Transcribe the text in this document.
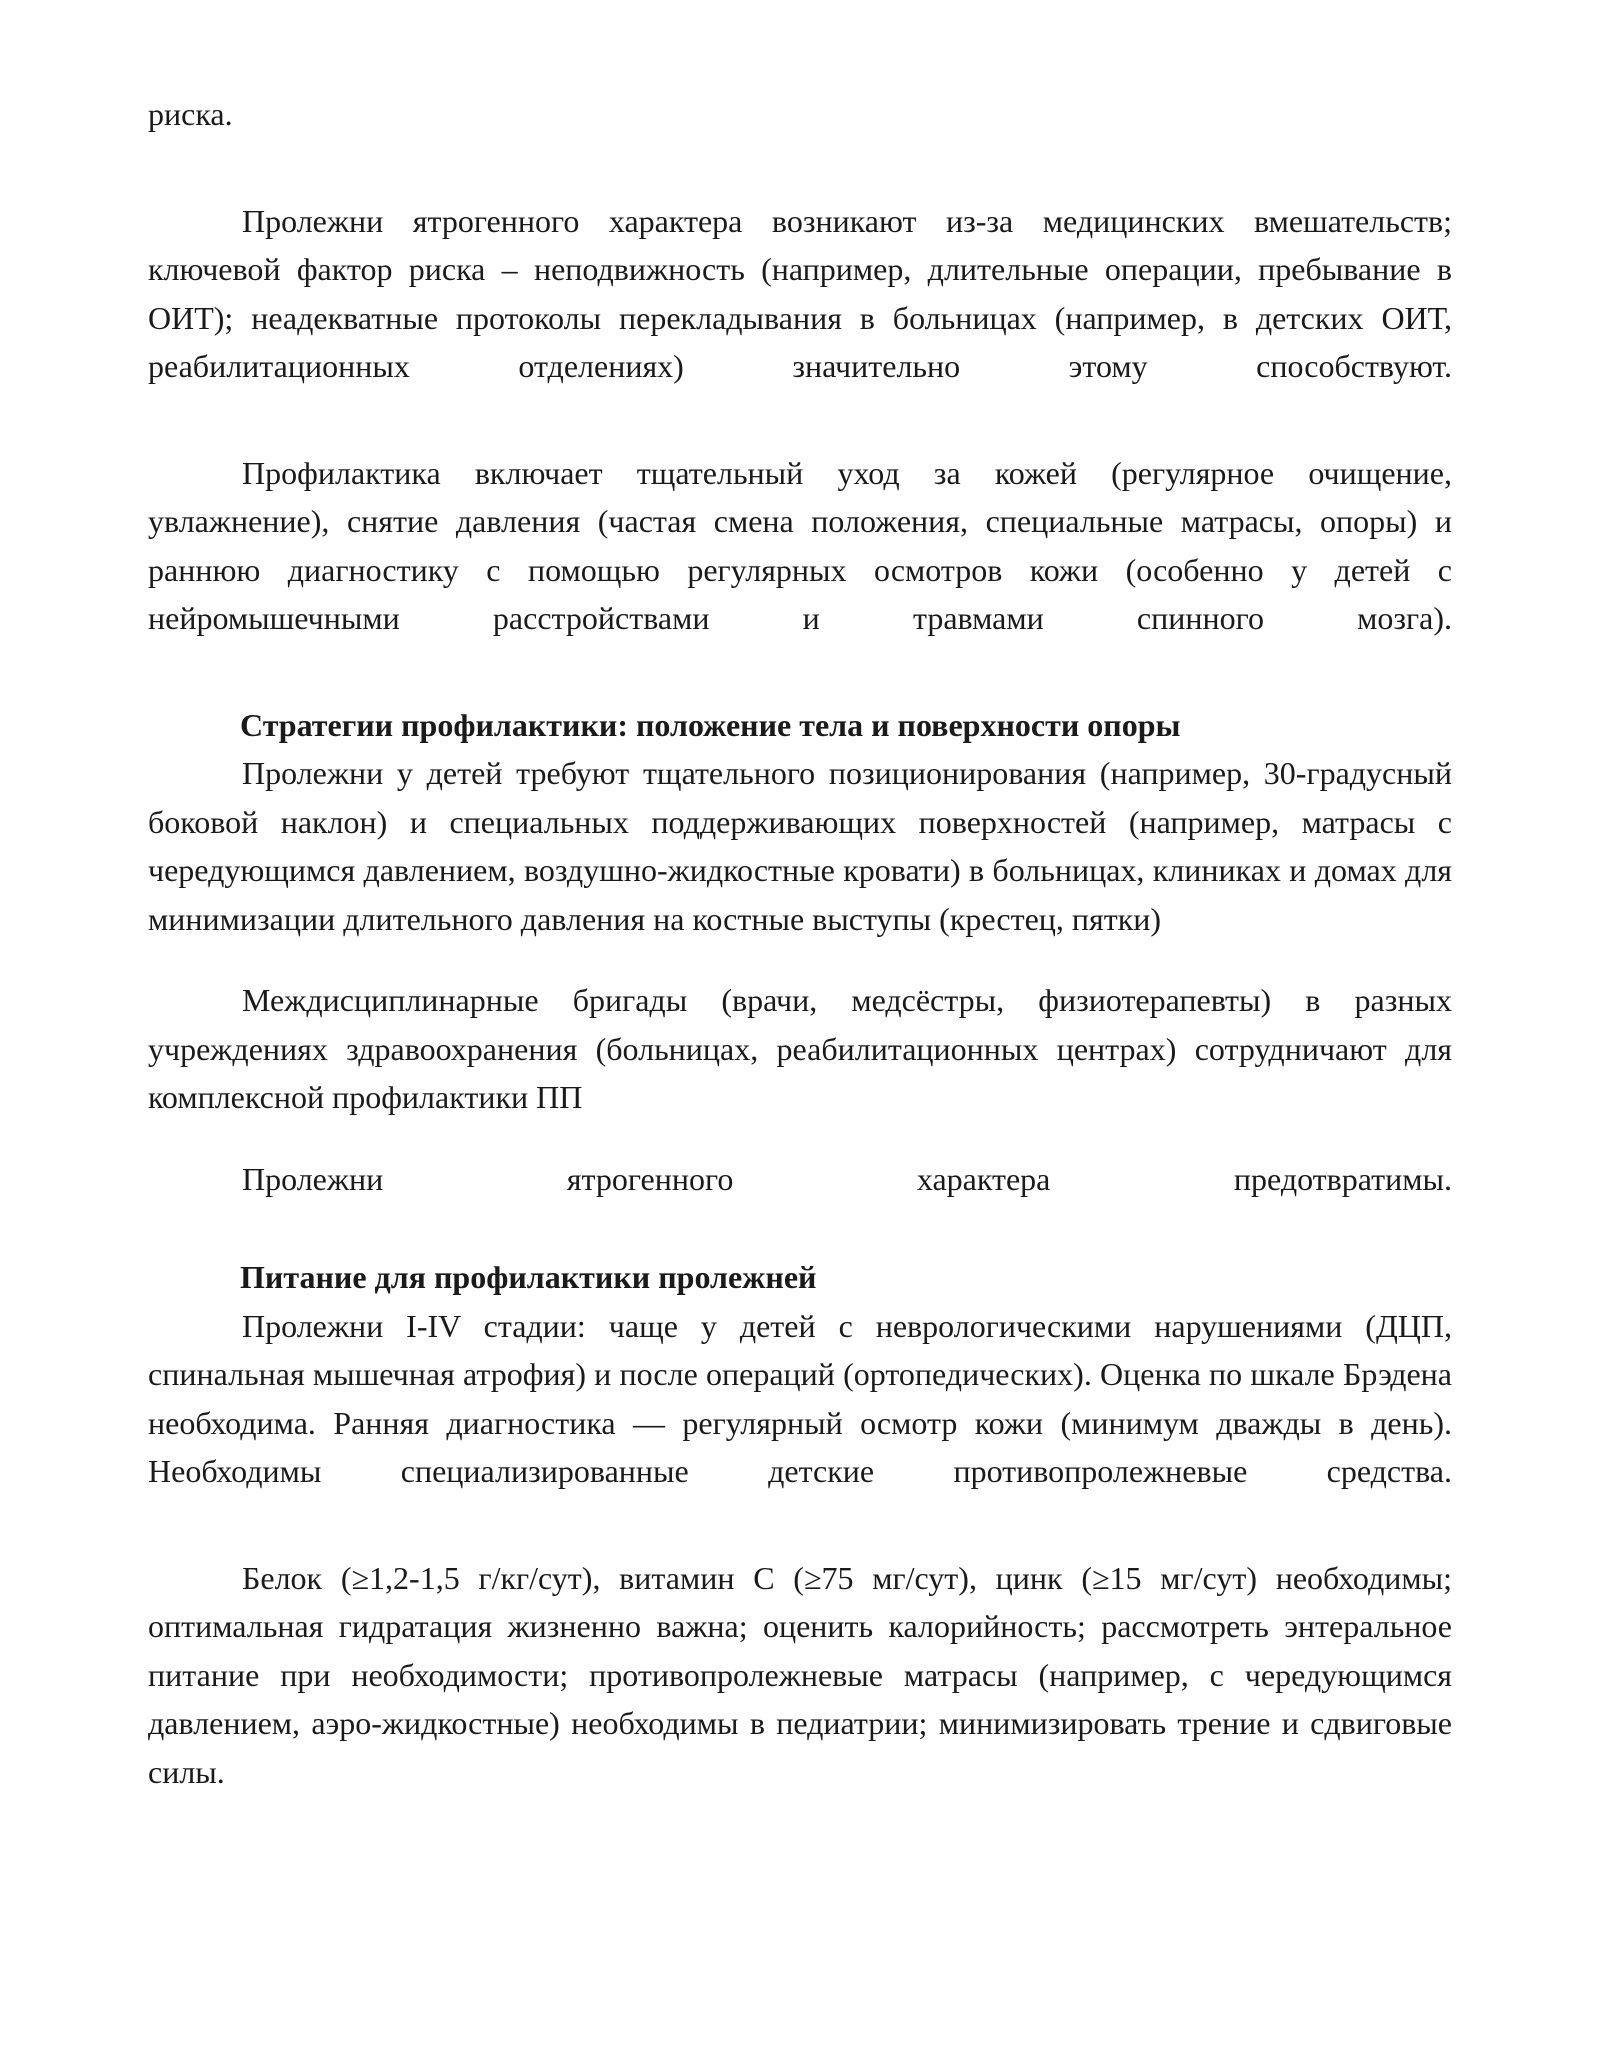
риска.

Пролежни ятрогенного характера возникают из-за медицинских вмешательств; ключевой фактор риска – неподвижность (например, длительные операции, пребывание в ОИТ); неадекватные протоколы перекладывания в больницах (например, в детских ОИТ, реабилитационных отделениях) значительно этому способствуют.

Профилактика включает тщательный уход за кожей (регулярное очищение, увлажнение), снятие давления (частая смена положения, специальные матрасы, опоры) и раннюю диагностику с помощью регулярных осмотров кожи (особенно у детей с нейромышечными расстройствами и травмами спинного мозга).

Стратегии профилактики: положение тела и поверхности опоры

Пролежни у детей требуют тщательного позиционирования (например, 30-градусный боковой наклон) и специальных поддерживающих поверхностей (например, матрасы с чередующимся давлением, воздушно-жидкостные кровати) в больницах, клиниках и домах для минимизации длительного давления на костные выступы (крестец, пятки)

Междисциплинарные бригады (врачи, медсёстры, физиотерапевты) в разных учреждениях здравоохранения (больницах, реабилитационных центрах) сотрудничают для комплексной профилактики ПП

Пролежни ятрогенного характера предотвратимы.

Питание для профилактики пролежней

Пролежни I-IV стадии: чаще у детей с неврологическими нарушениями (ДЦП, спинальная мышечная атрофия) и после операций (ортопедических). Оценка по шкале Брэдена необходима. Ранняя диагностика — регулярный осмотр кожи (минимум дважды в день). Необходимы специализированные детские противопролежневые средства.

Белок (≥1,2-1,5 г/кг/сут), витамин С (≥75 мг/сут), цинк (≥15 мг/сут) необходимы; оптимальная гидратация жизненно важна; оценить калорийность; рассмотреть энтеральное питание при необходимости; противопролежневые матрасы (например, с чередующимся давлением, аэро-жидкостные) необходимы в педиатрии; минимизировать трение и сдвиговые силы.
